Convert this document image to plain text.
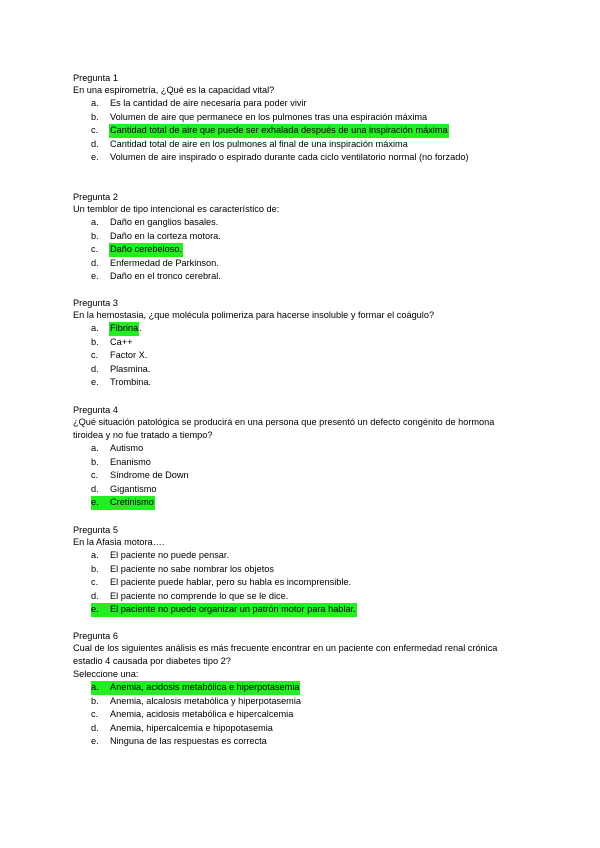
Pregunta 1
En una espirometría, ¿Qué es la capacidad vital?
a.	Es la cantidad de aire necesaria para poder vivir
b.	Volumen de aire que permanece en los pulmones tras una espiración máxima
c.	Cantidad total de aire que puede ser exhalada después de una inspiración máxima
d.	Cantidad total de aire en los pulmones al final de una inspiración máxima
e.	Volumen de aire inspirado o espirado durante cada ciclo ventilatorio normal (no forzado)
Pregunta 2
Un temblor de tipo intencional es característico de:
a.	Daño en ganglios basales.
b.	Daño en la corteza motora.
c.	Daño cerebeloso.
d.	Enfermedad de Parkinson.
e.	Daño en el tronco cerebral.
Pregunta 3
En la hemostasia, ¿que molécula polimeriza para hacerse insoluble y formar el coágulo?
a.	Fibrina .
b.	Ca++
c.	Factor X.
d.	Plasmina.
e.	Trombina.
Pregunta 4
¿Qué situación patológica se producirá en una persona que presentó un defecto congénito de hormona tiroidea y no fue tratado a tiempo?
a.	Autismo
b.	Enanismo
c.	Síndrome de Down
d.	Gigantismo
e.	Cretinismo
Pregunta 5
En la Afasia motora….
a.	El paciente no puede pensar.
b.	El paciente no sabe nombrar los objetos
c.	El paciente puede hablar, pero su habla es incomprensible.
d.	El paciente no comprende lo que se le dice.
e.	El paciente no puede organizar un patrón motor para hablar.
Pregunta 6
Cual de los siguientes análisis es más frecuente encontrar en un paciente con enfermedad renal crónica estadio 4 causada por diabetes tipo 2?
Seleccione una:
a.	Anemia, acidosis metabólica e hiperpotasemia
b.	Anemia, alcalosis metabólica y hiperpotasemia
c.	Anemia, acidosis metabólica e hipercalcemia
d.	Anemia, hipercalcemia e hipopotasemia
e.	Ninguna de las respuestas es correcta
